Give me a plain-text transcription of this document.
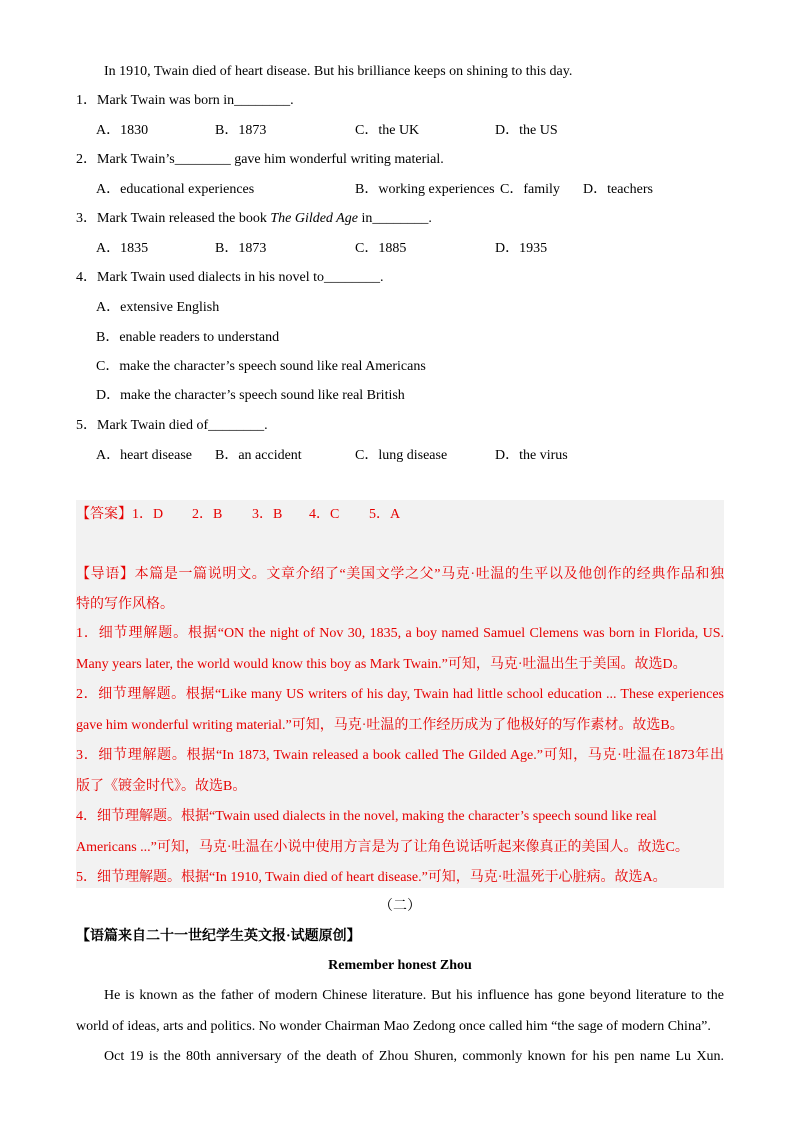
In 1910, Twain died of heart disease. But his brilliance keeps on shining to this day.
1．Mark Twain was born in________.
A．1830	B．1873	C．the UK	D．the US
2．Mark Twain’s________ gave him wonderful writing material.
A．educational experiences	B．working experiences C．family D．teachers
3．Mark Twain released the book The Gilded Age in________.
A．1835	B．1873	C．1885	D．1935
4．Mark Twain used dialects in his novel to________.
A．extensive English
B．enable readers to understand
C．make the character’s speech sound like real Americans
D．make the character’s speech sound like real British
5．Mark Twain died of________.
A．heart disease B．an accident	C．lung disease	D．the virus
【答案】 1．D 2．B 3．B 4．C 5．A
【导语】本篇是一篇说明文。文章介绍了“美国文学之父”马克·吐温的生平以及他创作的经典作品和独
特的写作风格。
1．细节理解题。根据“ON the night of Nov 30, 1835, a boy named Samuel Clemens was born in Florida, US.
Many years later, the world would know this boy as Mark Twain.”可知，马克·吐温出生于美国。故选D。
2．细节理解题。根据“Like many US writers of his day, Twain had little school education ... These experiences
gave him wonderful writing material.”可知，马克·吐温的工作经历成为了他极好的写作素材。故选B。
3．细节理解题。根据“In 1873, Twain released a book called The Gilded Age.”可知，马克·吐温在1873年出
版了《镀金时代》。故选B。
4．细节理解题。根据“Twain used dialects in the novel, making the character’s speech sound like real
Americans ...”可知，马克·吐温在小说中使用方言是为了让角色说话听起来像真正的美国人。故选C。
5．细节理解题。根据“In 1910, Twain died of heart disease.”可知，马克·吐温死于心脏病。故选A。
（二）
【语篇来自二十一世纪学生英文报·试题原创】
Remember honest Zhou
He is known as the father of modern Chinese literature. But his influence has gone beyond literature to the
world of ideas, arts and politics. No wonder Chairman Mao Zedong once called him “the sage of modern China”.
Oct 19 is the 80th anniversary of the death of Zhou Shuren, commonly known for his pen name Lu Xun.
